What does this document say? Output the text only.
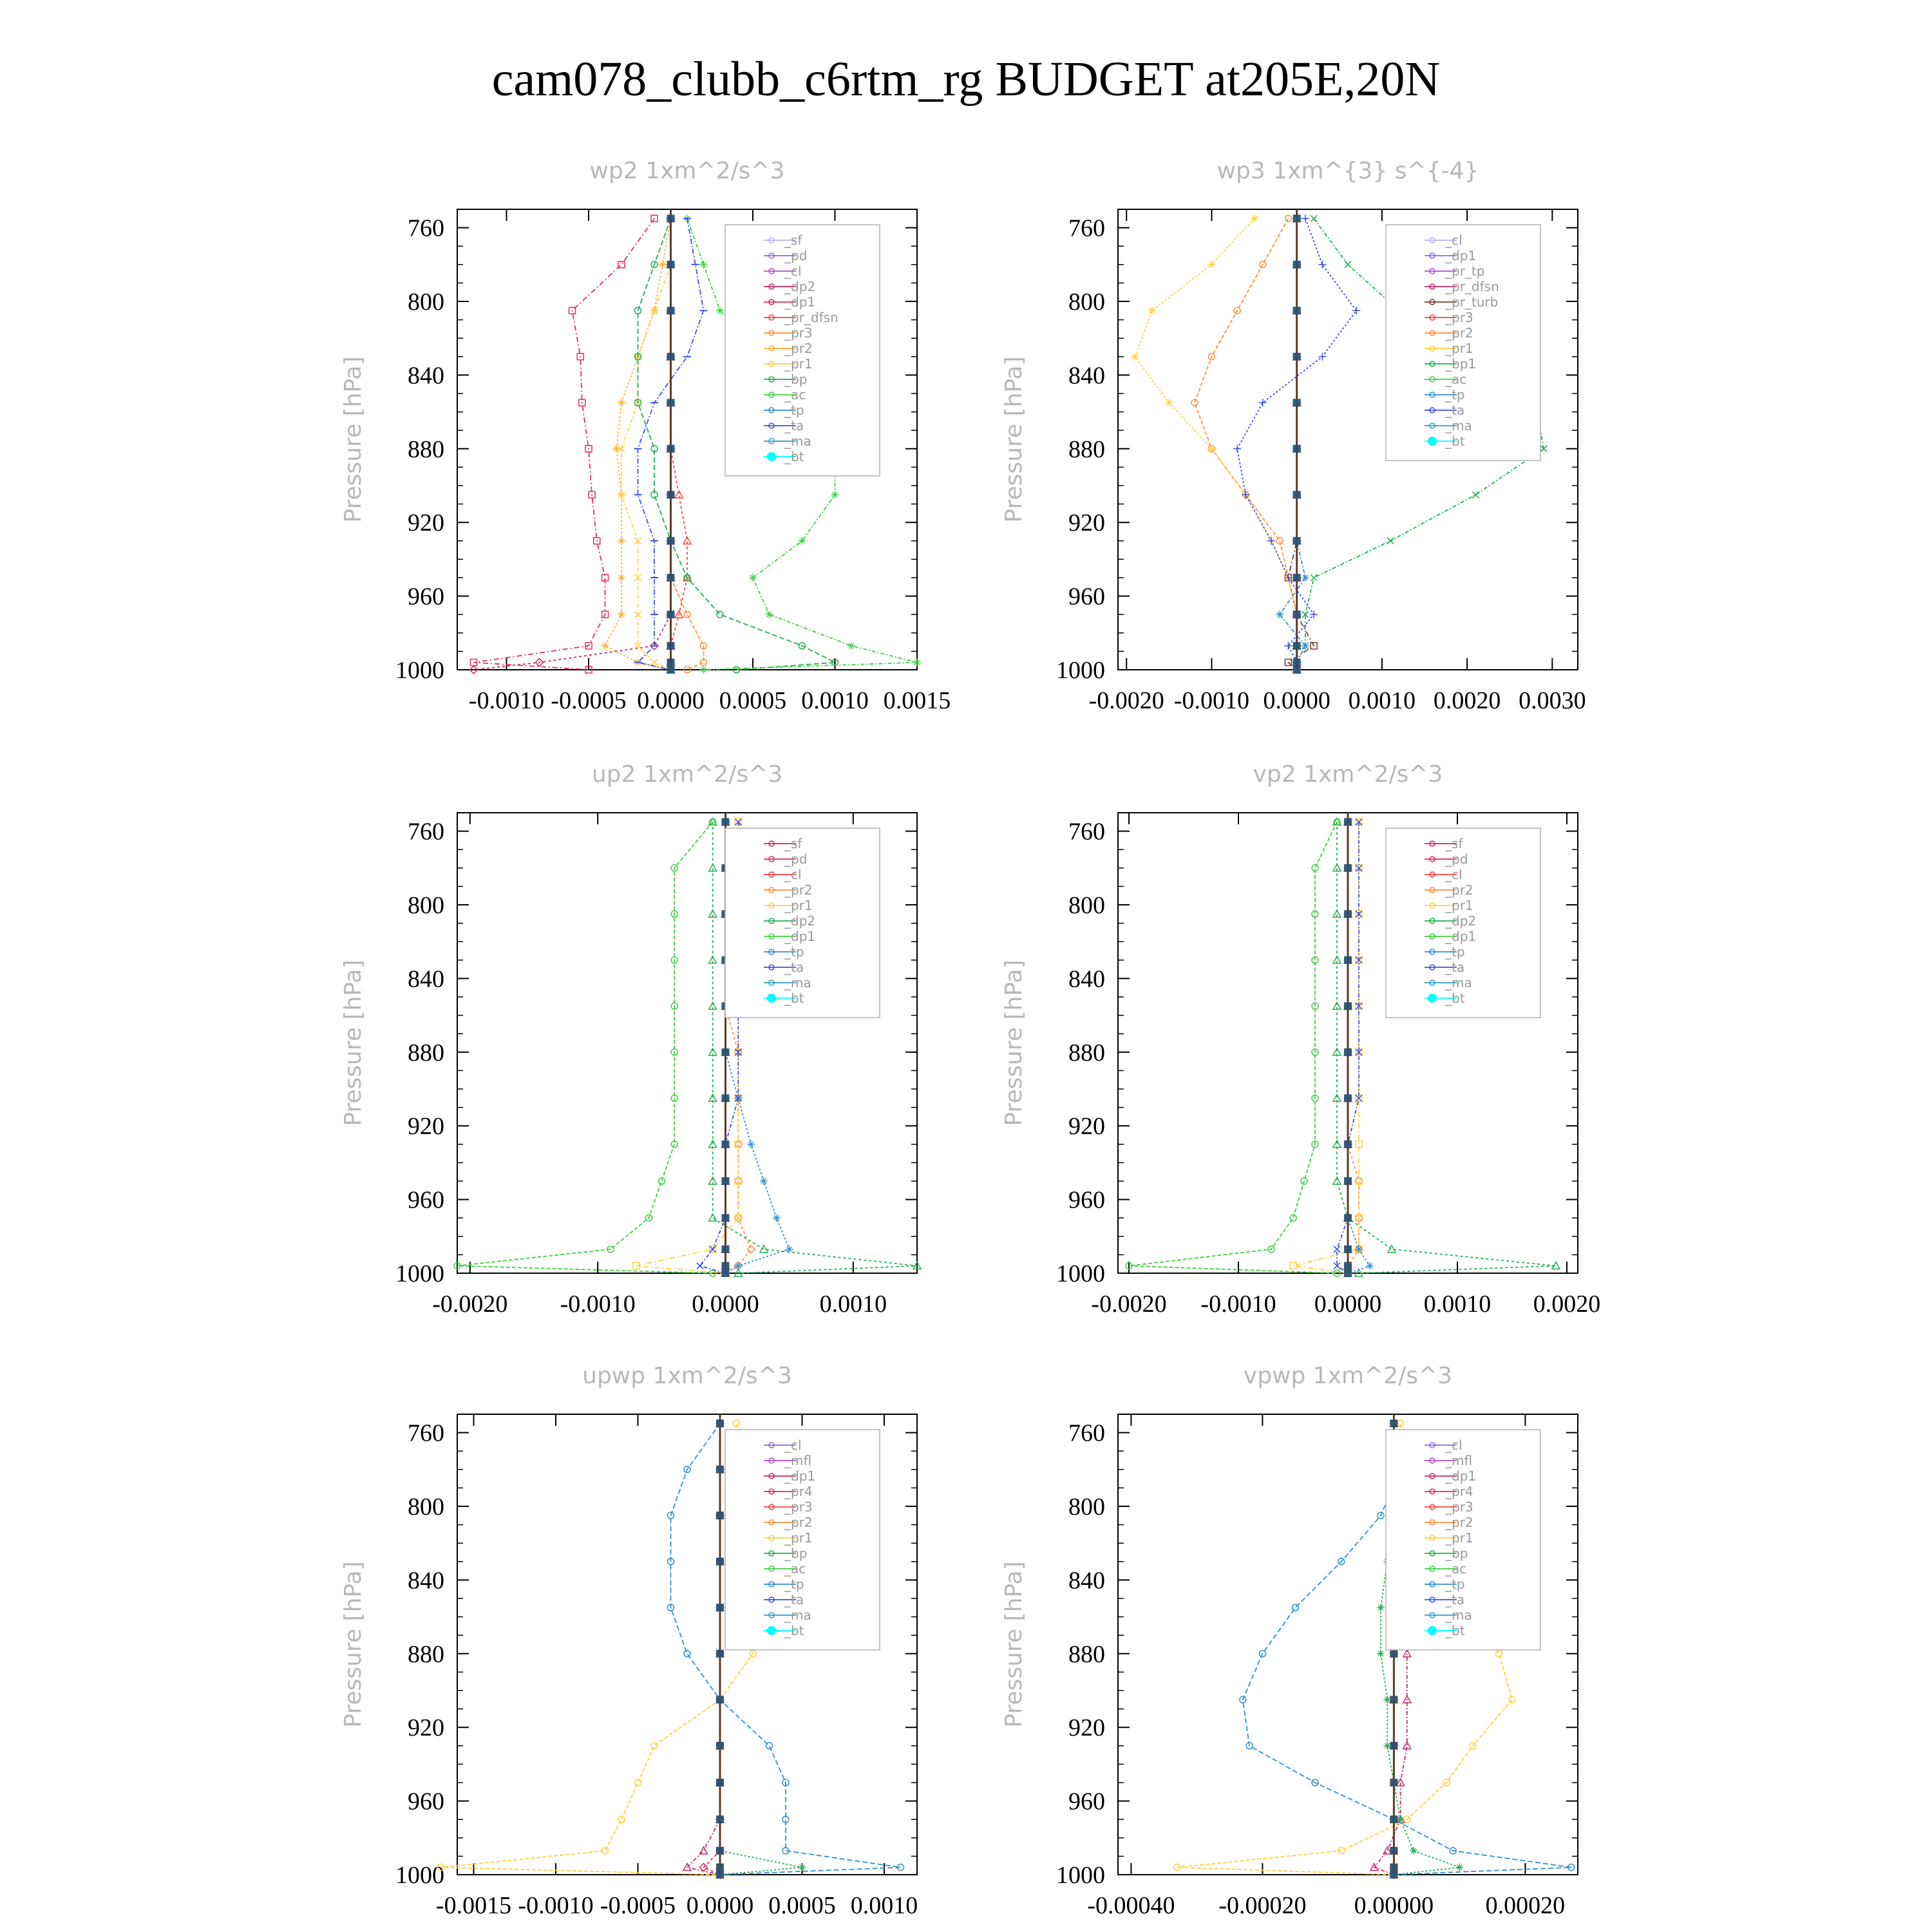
cam078_clubb_c6rtm_rg BUDGET at205E,20N
wp2 1xm^2/s^3
Pressure [hPa]
760
800
840
880
920
960
1000
-0.0010 -0.0005 0.0000 0.0005 0.0010 0.0015
_sf
_pd
_cl
_dp2
_dp1
_pr_dfsn
_pr3
_pr2
_pr1
_bp
_ac
_tp
_ta
_ma
_bt
wp3 1xm^{3} s^{-4}
Pressure [hPa]
760
800
840
880
920
960
1000
-0.0020 -0.0010 0.0000 0.0010 0.0020 0.0030
_cl
_dp1
_pr_tp
_pr_dfsn
_pr_turb
_pr3
_pr2
_pr1
_bp1
_ac
_tp
_ta
_ma
_bt
up2 1xm^2/s^3
Pressure [hPa]
760
800
840
880
920
960
1000
-0.0020 -0.0010 0.0000 0.0010
_sf
_pd
_cl
_pr2
_pr1
_dp2
_dp1
_tp
_ta
_ma
_bt
vp2 1xm^2/s^3
Pressure [hPa]
760
800
840
880
920
960
1000
-0.0020 -0.0010 0.0000 0.0010 0.0020
_sf
_pd
_cl
_pr2
_pr1
_dp2
_dp1
_tp
_ta
_ma
_bt
upwp 1xm^2/s^3
Pressure [hPa]
760
800
840
880
920
960
1000
-0.0015 -0.0010 -0.0005 0.0000 0.0005 0.0010
_cl
_mfl
_dp1
_pr4
_pr3
_pr2
_pr1
_bp
_ac
_tp
_ta
_ma
_bt
vpwp 1xm^2/s^3
Pressure [hPa]
760
800
840
880
920
960
1000
-0.00040 -0.00020 0.00000 0.00020
_cl
_mfl
_dp1
_pr4
_pr3
_pr2
_pr1
_bp
_ac
_tp
_ta
_ma
_bt
